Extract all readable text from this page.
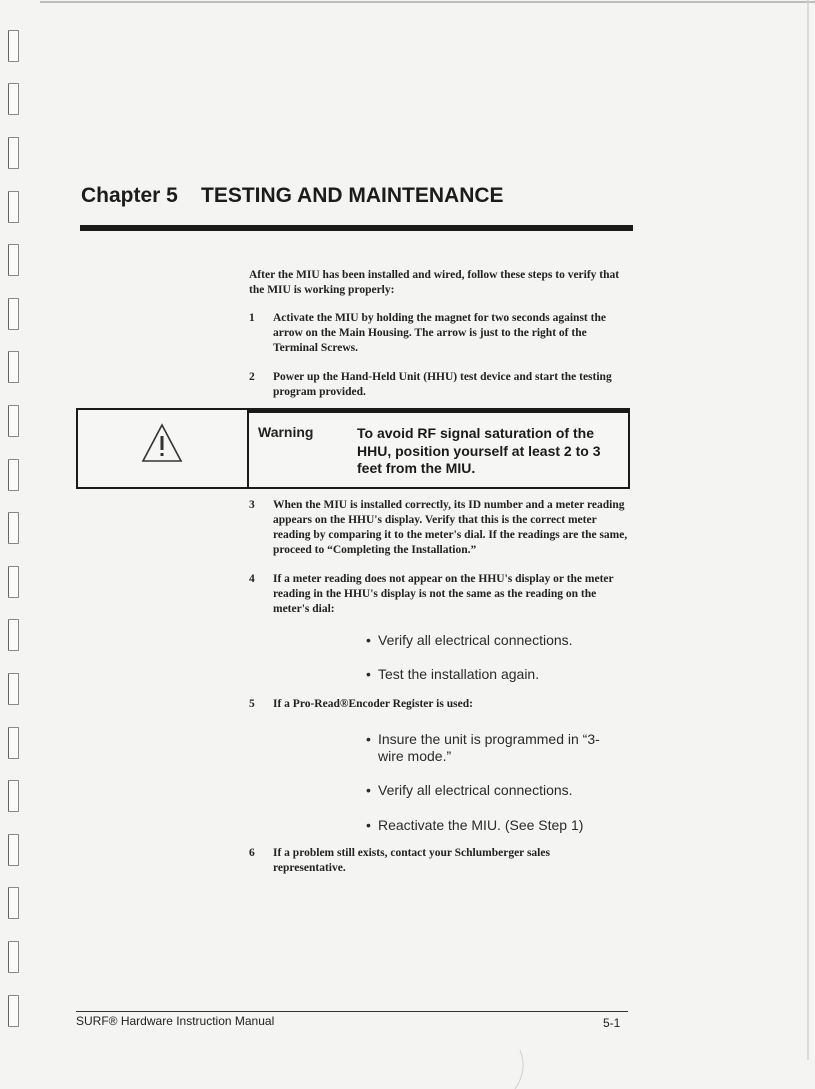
Chapter 5 TESTING AND MAINTENANCE
After the MIU has been installed and wired, follow these steps to verify that the MIU is working properly:
1	Activate the MIU by holding the magnet for two seconds against the arrow on the Main Housing. The arrow is just to the right of the Terminal Screws.
2	Power up the Hand-Held Unit (HHU) test device and start the testing program provided.
Warning	To avoid RF signal saturation of the HHU, position yourself at least 2 to 3 feet from the MIU.
3	When the MIU is installed correctly, its ID number and a meter reading appears on the HHU's display. Verify that this is the correct meter reading by comparing it to the meter's dial. If the readings are the same, proceed to “Completing the Installation.”
4	If a meter reading does not appear on the HHU's display or the meter reading in the HHU's display is not the same as the reading on the meter's dial:
• Verify all electrical connections.
• Test the installation again.
5	If a Pro-Read®Encoder Register is used:
• Insure the unit is programmed in “3-wire mode.”
• Verify all electrical connections.
• Reactivate the MIU. (See Step 1)
6	If a problem still exists, contact your Schlumberger sales representative.
SURF® Hardware Instruction Manual	5-1
